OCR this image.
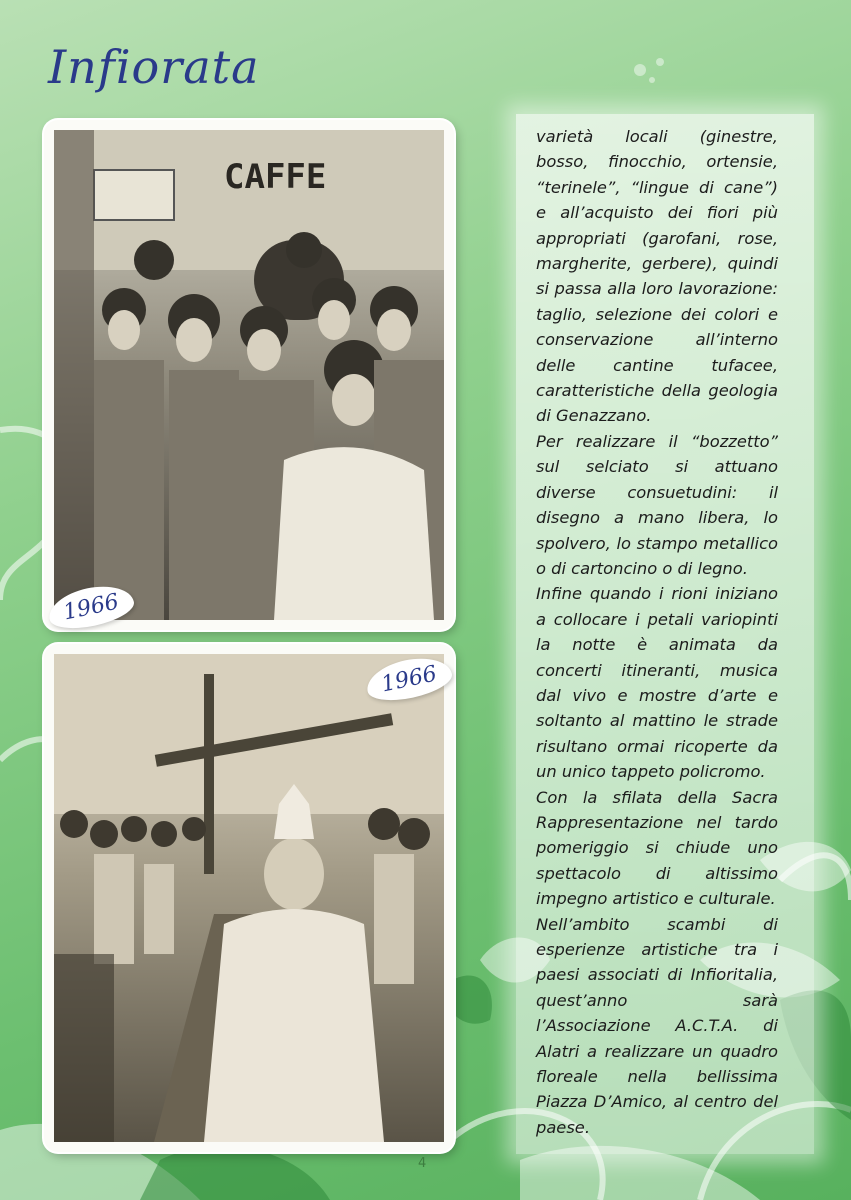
Infiorata
CAFFE
1966
1966

varietà locali (ginestre, bosso, finocchio, ortensie, “terinele”, “lingue di cane”) e all’acquisto dei fiori più appropriati (garofani, rose, margherite, gerbere), quindi si passa alla loro lavorazione: taglio, selezione dei colori e conservazione all’interno delle cantine tufacee, caratteristiche della geologia di Genazzano.

Per realizzare il “bozzetto” sul selciato si attuano diverse consuetudini: il disegno a mano libera, lo spolvero, lo stampo metallico o di cartoncino o di legno.

Infine quando i rioni iniziano a collocare i petali variopinti la notte è animata da concerti itineranti, musica dal vivo e mostre d’arte e soltanto al mattino le strade risultano ormai ricoperte da un unico tappeto policromo.

Con la sfilata della Sacra Rappresentazione nel tardo pomeriggio si chiude uno spettacolo di altissimo impegno artistico e culturale.

Nell’ambito scambi di esperienze artistiche tra i paesi associati di Infioritalia, quest’anno sarà l’Associazione A.C.T.A. di Alatri a realizzare un quadro floreale nella bellissima Piazza D’Amico, al centro del paese.

4
